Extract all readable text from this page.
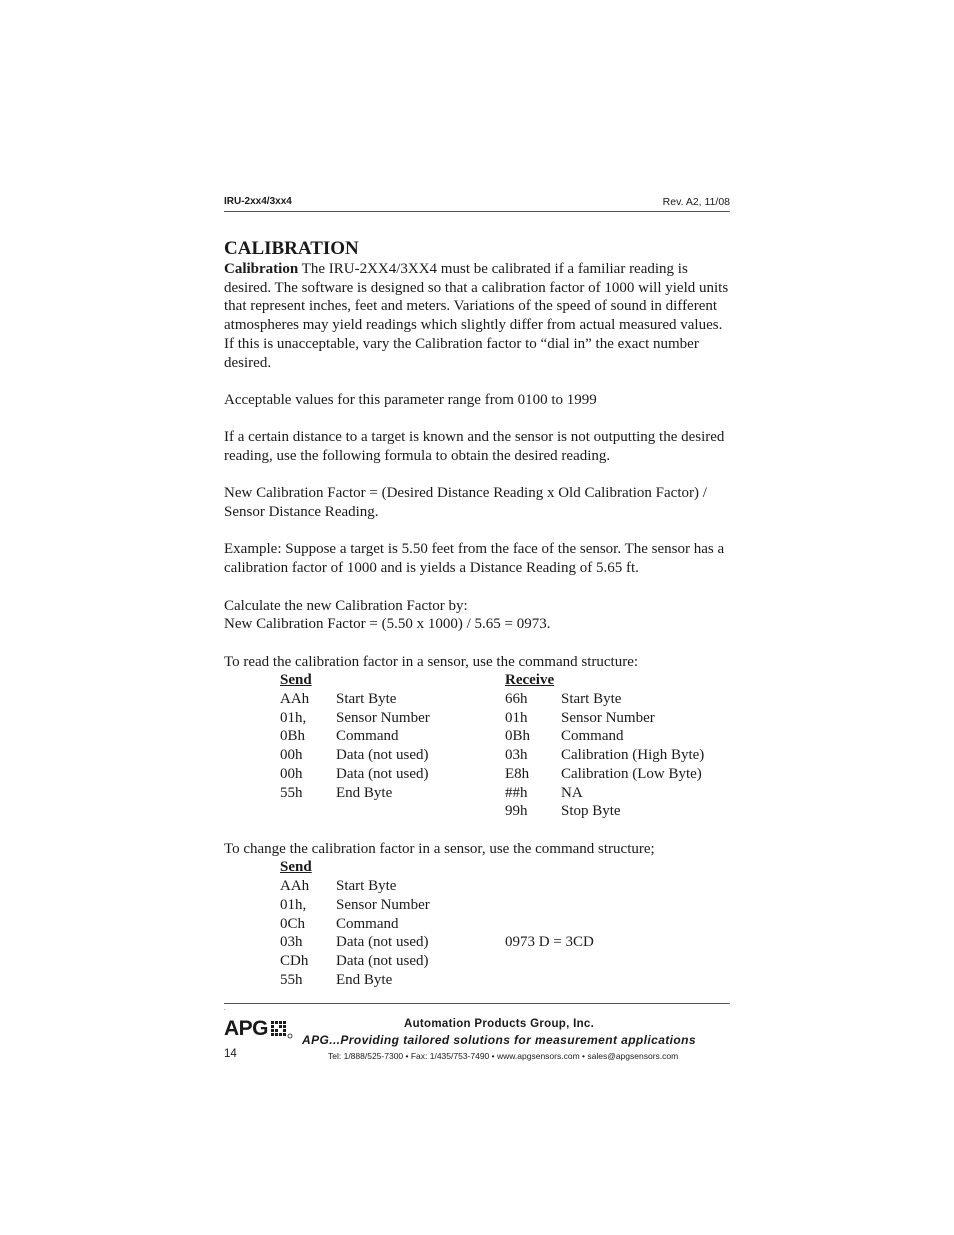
IRU-2xx4/3xx4	Rev. A2, 11/08
CALIBRATION

Calibration The IRU-2XX4/3XX4 must be calibrated if a familiar reading is desired. The software is designed so that a calibration factor of 1000 will yield units that represent inches, feet and meters. Variations of the speed of sound in different atmospheres may yield readings which slightly differ from actual measured values. If this is unacceptable, vary the Calibration factor to “dial in” the exact number desired.

Acceptable values for this parameter range from 0100 to 1999

If a certain distance to a target is known and the sensor is not outputting the desired reading, use the following formula to obtain the desired reading.

New Calibration Factor = (Desired Distance Reading x Old Calibration Factor) / Sensor Distance Reading.

Example: Suppose a target is 5.50 feet from the face of the sensor. The sensor has a calibration factor of 1000 and is yields a Distance Reading of 5.65 ft.

Calculate the new Calibration Factor by:

New Calibration Factor = (5.50 x 1000) / 5.65 = 0973.

To read the calibration factor in a sensor, use the command structure:

Send		Receive	
AAh	Start Byte	66h	Start Byte
01h,	Sensor Number	01h	Sensor Number
0Bh	Command	0Bh	Command
00h	Data (not used)	03h	Calibration (High Byte)
00h	Data (not used)	E8h	Calibration (Low Byte)
55h	End Byte	##h	NA
		99h	Stop Byte

To change the calibration factor in a sensor, use the command structure;

Send		
AAh	Start Byte	
01h,	Sensor Number	
0Ch	Command	
03h	Data (not used)	0973 D = 3CD
CDh	Data (not used)	
55h	End Byte	
.
APG	Automation Products Group, Inc.
APG...Providing tailored solutions for measurement applications
Tel: 1/888/525-7300 • Fax: 1/435/753-7490 • www.apgsensors.com • sales@apgsensors.com
14
